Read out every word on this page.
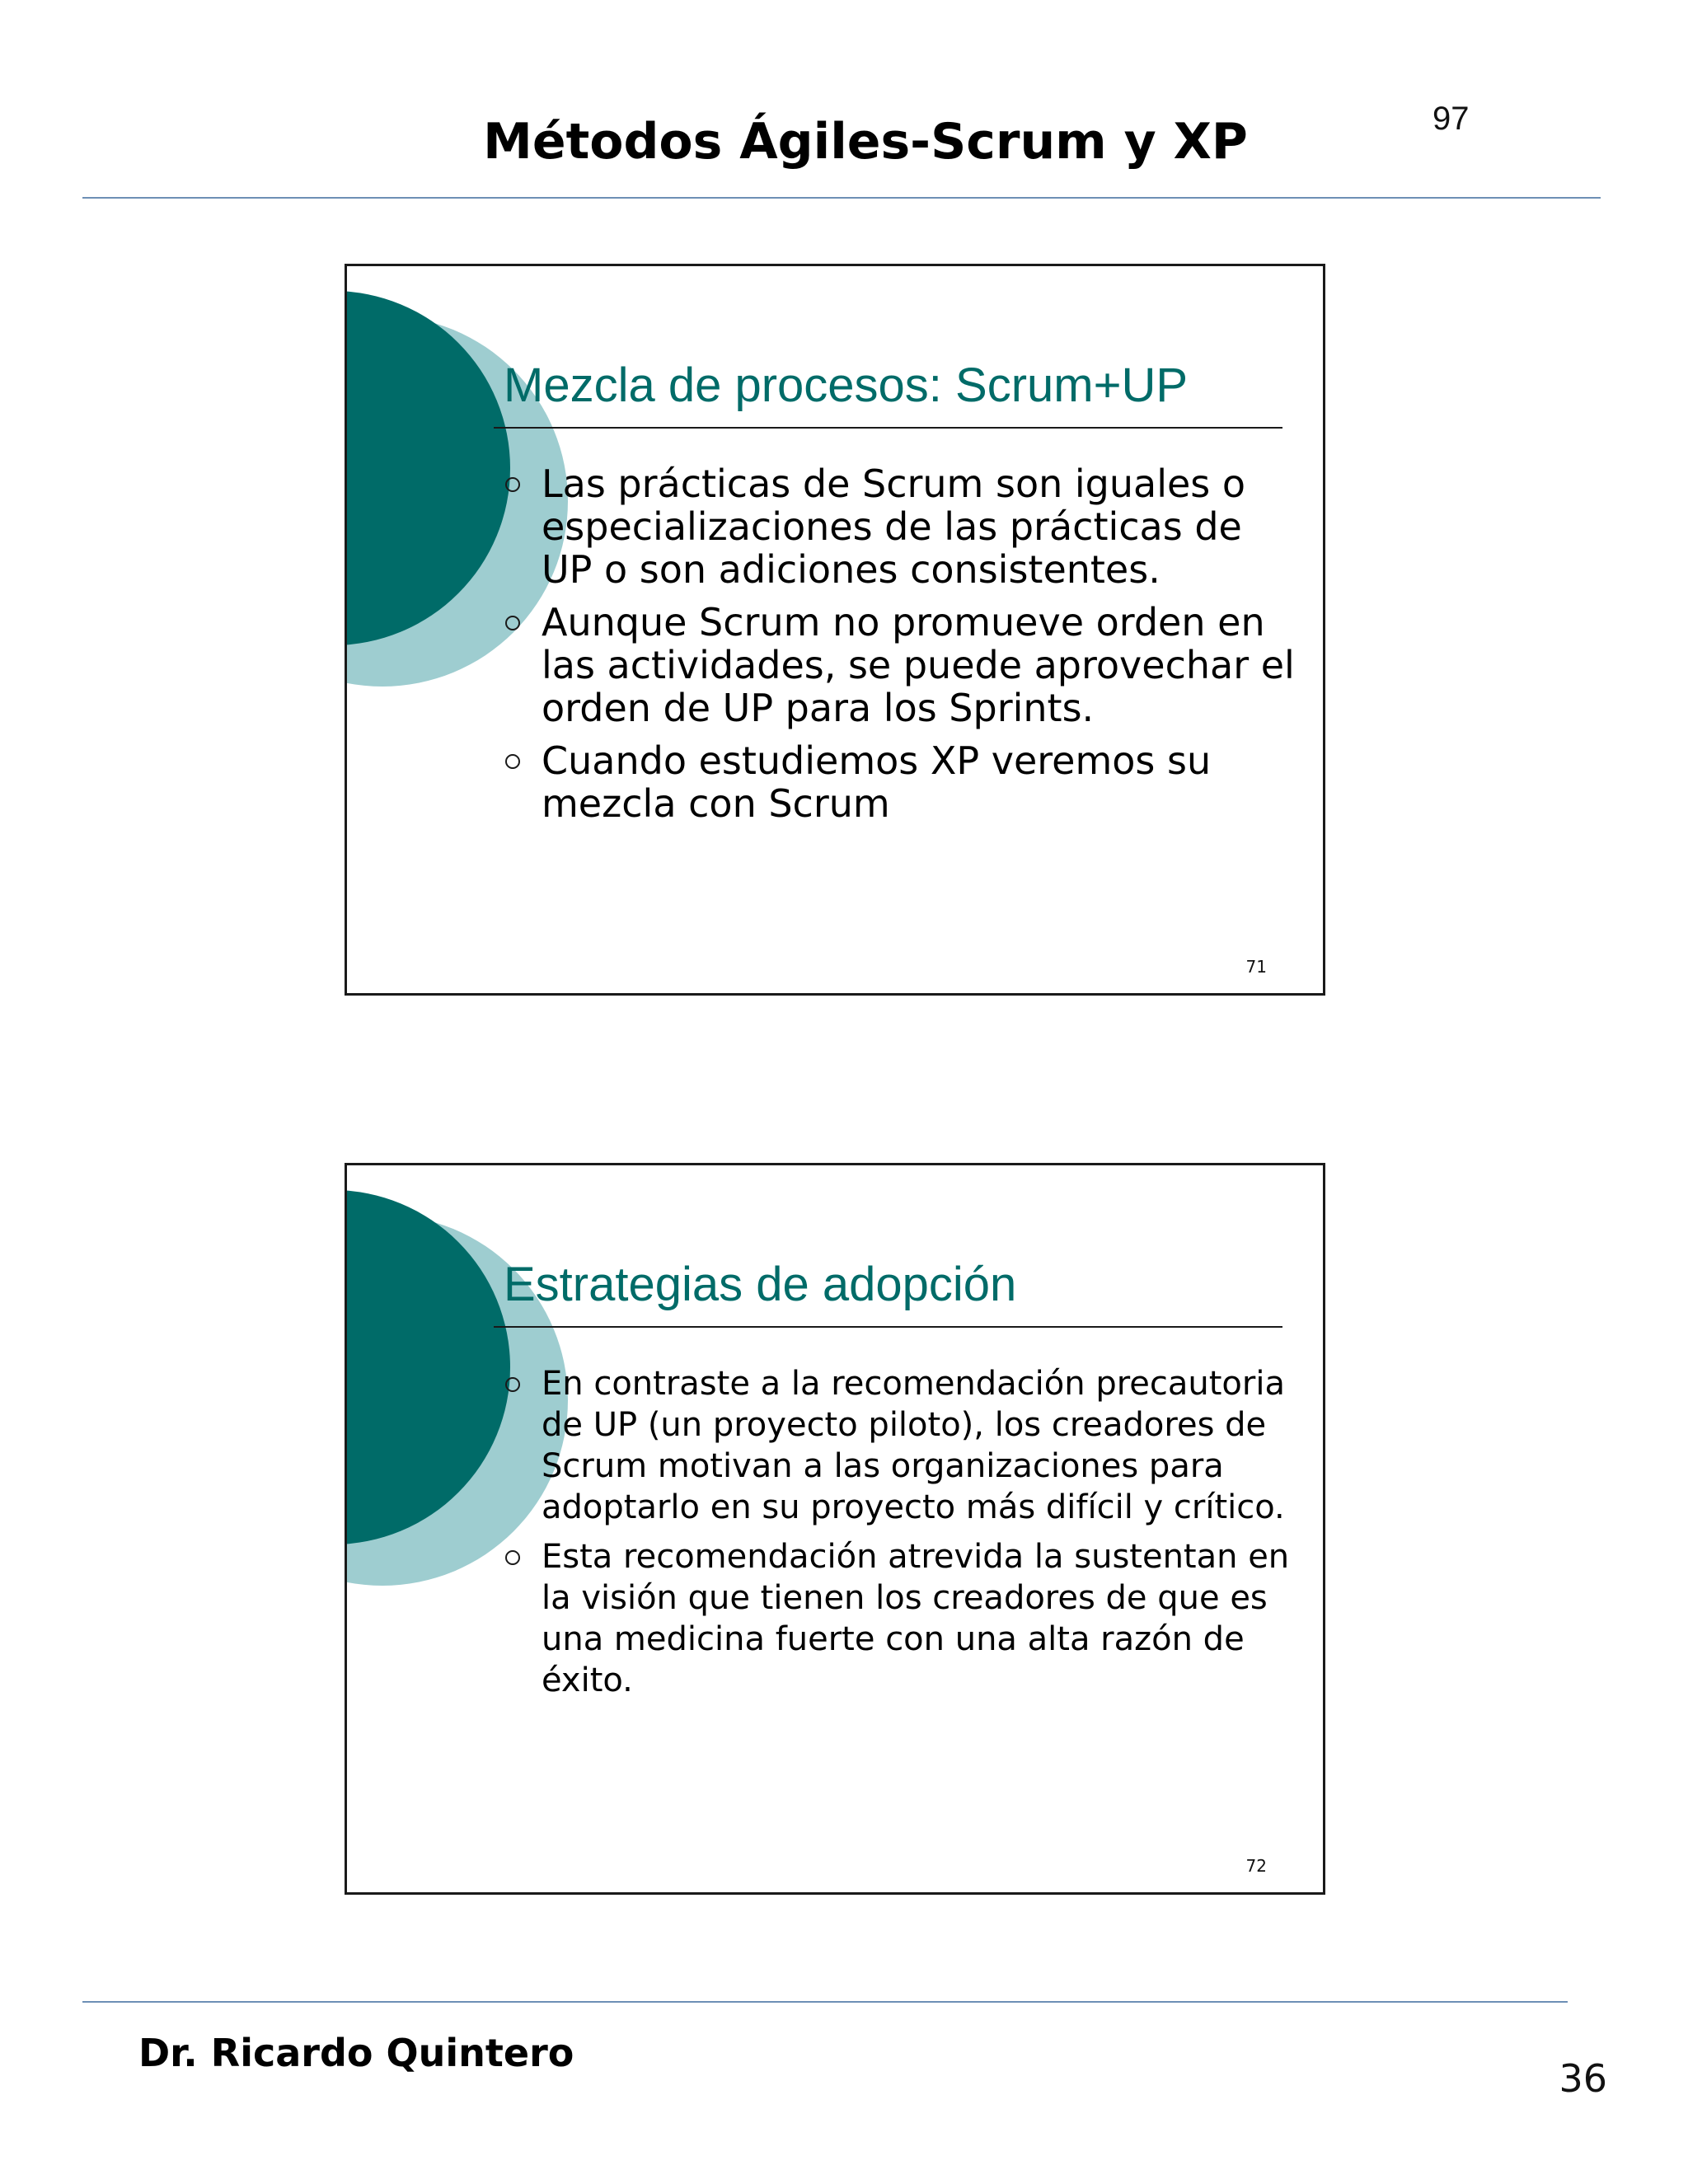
97
Métodos Ágiles-Scrum y XP
Mezcla de procesos: Scrum+UP
Las prácticas de Scrum son iguales o especializaciones de las prácticas de UP o son adiciones consistentes.
Aunque Scrum no promueve orden en las actividades, se puede aprovechar el orden de UP para los Sprints.
Cuando estudiemos XP veremos su mezcla con Scrum
71
Estrategias de adopción
En contraste a la recomendación precautoria de UP (un proyecto piloto), los creadores de Scrum motivan a las organizaciones para adoptarlo en su proyecto más difícil y crítico.
Esta recomendación atrevida la sustentan en la visión que tienen los creadores de que es una medicina fuerte con una alta razón de éxito.
72

Dr. Ricardo Quintero

36
